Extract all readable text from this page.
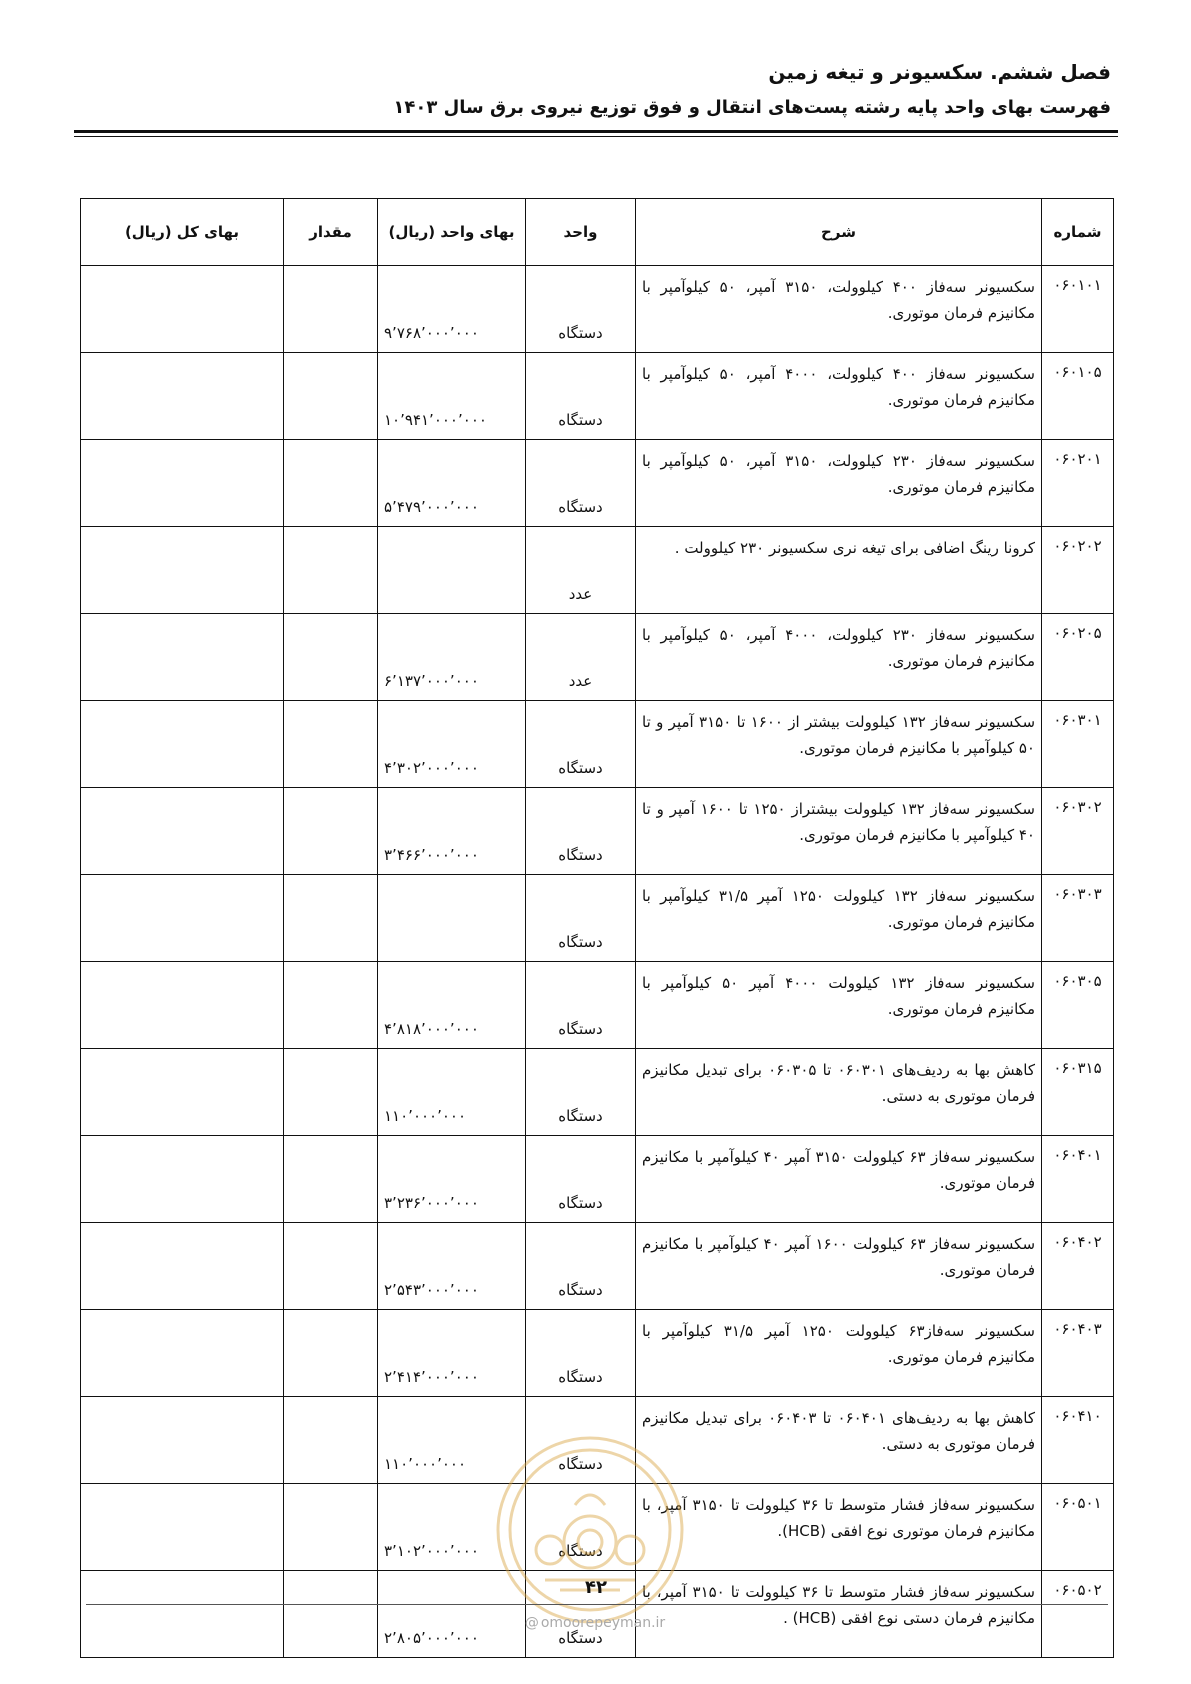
فصل ششم. سکسیونر و تیغه زمین
فهرست بهای واحد پایه رشته پست‌های انتقال و فوق توزیع نیروی برق سال ۱۴۰۳
شماره	شرح	واحد	بهای واحد (ریال)	مقدار	بهای کل (ریال)
۰۶۰۱۰۱	سکسیونر سه‌فاز ۴۰۰ کیلوولت، ۳۱۵۰ آمپر، ۵۰ کیلوآمپر با مکانیزم فرمان موتوری.	دستگاه	۹٬۷۶۸٬۰۰۰٬۰۰۰		
۰۶۰۱۰۵	سکسیونر سه‌فاز ۴۰۰ کیلوولت، ۴۰۰۰ آمپر، ۵۰ کیلوآمپر با مکانیزم فرمان موتوری.	دستگاه	۱۰٬۹۴۱٬۰۰۰٬۰۰۰		
۰۶۰۲۰۱	سکسیونر سه‌فاز ۲۳۰ کیلوولت، ۳۱۵۰ آمپر، ۵۰ کیلوآمپر با مکانیزم فرمان موتوری.	دستگاه	۵٬۴۷۹٬۰۰۰٬۰۰۰		
۰۶۰۲۰۲	کرونا رینگ اضافی برای تیغه نری سکسیونر ۲۳۰ کیلوولت .	عدد			
۰۶۰۲۰۵	سکسیونر سه‌فاز ۲۳۰ کیلوولت، ۴۰۰۰ آمپر، ۵۰ کیلوآمپر با مکانیزم فرمان موتوری.	عدد	۶٬۱۳۷٬۰۰۰٬۰۰۰		
۰۶۰۳۰۱	سکسیونر سه‌فاز ۱۳۲ کیلوولت بیشتر از ۱۶۰۰ تا ۳۱۵۰ آمپر و تا ۵۰ کیلوآمپر با مکانیزم فرمان موتوری.	دستگاه	۴٬۳۰۲٬۰۰۰٬۰۰۰		
۰۶۰۳۰۲	سکسیونر سه‌فاز ۱۳۲ کیلوولت بیشتراز ۱۲۵۰ تا ۱۶۰۰ آمپر و تا ۴۰ کیلوآمپر با مکانیزم فرمان موتوری.	دستگاه	۳٬۴۶۶٬۰۰۰٬۰۰۰		
۰۶۰۳۰۳	سکسیونر سه‌فاز ۱۳۲ کیلوولت ۱۲۵۰ آمپر ۳۱/۵ کیلوآمپر با مکانیزم فرمان موتوری.	دستگاه			
۰۶۰۳۰۵	سکسیونر سه‌فاز ۱۳۲ کیلوولت ۴۰۰۰ آمپر ۵۰ کیلوآمپر با مکانیزم فرمان موتوری.	دستگاه	۴٬۸۱۸٬۰۰۰٬۰۰۰		
۰۶۰۳۱۵	کاهش بها به ردیف‌های ۰۶۰۳۰۱ تا ۰۶۰۳۰۵ برای تبدیل مکانیزم فرمان موتوری به دستی.	دستگاه	۱۱۰٬۰۰۰٬۰۰۰		
۰۶۰۴۰۱	سکسیونر سه‌فاز ۶۳ کیلوولت ۳۱۵۰ آمپر ۴۰ کیلوآمپر با مکانیزم فرمان موتوری.	دستگاه	۳٬۲۳۶٬۰۰۰٬۰۰۰		
۰۶۰۴۰۲	سکسیونر سه‌فاز ۶۳ کیلوولت ۱۶۰۰ آمپر ۴۰ کیلوآمپر با مکانیزم فرمان موتوری.	دستگاه	۲٬۵۴۳٬۰۰۰٬۰۰۰		
۰۶۰۴۰۳	سکسیونر سه‌فاز۶۳ کیلوولت ۱۲۵۰ آمپر ۳۱/۵ کیلوآمپر با مکانیزم فرمان موتوری.	دستگاه	۲٬۴۱۴٬۰۰۰٬۰۰۰		
۰۶۰۴۱۰	کاهش بها به ردیف‌های ۰۶۰۴۰۱ تا ۰۶۰۴۰۳ برای تبدیل مکانیزم فرمان موتوری به دستی.	دستگاه	۱۱۰٬۰۰۰٬۰۰۰		
۰۶۰۵۰۱	سکسیونر سه‌فاز فشار متوسط تا ۳۶ کیلوولت تا ۳۱۵۰ آمپر، با مکانیزم فرمان موتوری نوع افقی (HCB).	دستگاه	۳٬۱۰۲٬۰۰۰٬۰۰۰		
۰۶۰۵۰۲	سکسیونر سه‌فاز فشار متوسط تا ۳۶ کیلوولت تا ۳۱۵۰ آمپر، با مکانیزم فرمان دستی نوع افقی (HCB) .	دستگاه	۲٬۸۰۵٬۰۰۰٬۰۰۰		
۴۲
@ omoorepeyman.ir
